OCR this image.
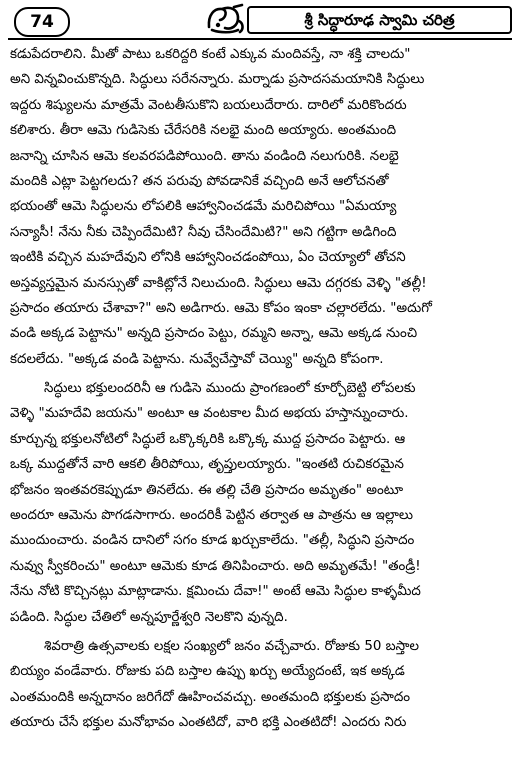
74	శ్రీ సిద్ధారూఢ స్వామి చరిత్ర
కడుపేదరాలిని. మీతో పాటు ఒకరిద్దరి కంటే ఎక్కువ మందివస్తే, నా శక్తి చాలదు"
అని విన్నవించుకొన్నది. సిద్ధులు సరేనన్నారు. మర్నాడు ప్రసాదసమయానికి సిద్ధులు
ఇద్దరు శిష్యులను మాత్రమే వెంటతీసుకొని బయలుదేరారు. దారిలో మరికొందరు
కలిశారు. తీరా ఆమె గుడిసెకు చేరేసరికి నలభై మంది అయ్యారు. అంతమంది
జనాన్ని చూసిన ఆమె కలవరపడిపోయింది. తాను వండింది నలుగురికి. నలభై
మందికి ఎట్లా పెట్టగలదు? తన పరువు పోవడానికే వచ్చింది అనే ఆలోచనతో
భయంతో ఆమె సిద్ధులను లోపలికి ఆహ్వానించడమే మరిచిపోయి "ఏమయ్యా
సన్యాసీ! నేను నీకు చెప్పిందేమిటి? నీవు చేసిందేమిటి?" అని గట్టిగా అడిగింది
ఇంటికి వచ్చిన మహదేవుని లోనికి ఆహ్వానించడంపోయి, ఏం చెయ్యాలో తోచని
అస్తవ్యస్తమైన మనస్సుతో వాకిట్లోనే నిలుచుంది. సిద్ధులు ఆమె దగ్గరకు వెళ్ళి "తల్లీ!
ప్రసాదం తయారు చేశావా?" అని అడిగారు. ఆమె కోపం ఇంకా చల్లారలేదు. "అదుగో
వండి అక్కడ పెట్టాను" అన్నది ప్రసాదం పెట్టు, రమ్మని అన్నా, ఆమె అక్కడ నుంచి
కదలలేదు. "అక్కడ వండి పెట్టాను. నువ్వేచేస్తావో చెయ్యి" అన్నది కోపంగా.
సిద్ధులు భక్తులందరినీ ఆ గుడిసె ముందు ప్రాంగణంలో కూర్చోబెట్టి లోపలకు
వెళ్ళి "మహదేవి జయను" అంటూ ఆ వంటకాల మీద అభయ హస్తాన్నుంచారు.
కూర్చున్న భక్తులనోటిలో సిద్ధులే ఒక్కొక్కరికి ఒక్కొక్క ముద్ద ప్రసాదం పెట్టారు. ఆ
ఒక్క ముద్దతోనే వారి ఆకలి తీరిపోయి, తృప్తులయ్యారు. "ఇంతటి రుచికరమైన
భోజనం ఇంతవరకెప్పుడూ తినలేదు. ఈ తల్లి చేతి ప్రసాదం అమృతం" అంటూ
అందరూ ఆమెను పొగడసాగారు. అందరికీ పెట్టిన తర్వాత ఆ పాత్రను ఆ ఇల్లాలు
ముందుంచారు. వండిన దానిలో సగం కూడ ఖర్చుకాలేదు. "తల్లీ, సిద్ధుని ప్రసాదం
నువ్వు స్వీకరించు" అంటూ ఆమెకు కూడ తినిపించారు. అది అమృతమే! "తండ్రీ!
నేను నోటి కొచ్చినట్లు మాట్లాడాను. క్షమించు దేవా!" అంటే ఆమె సిద్ధుల కాళ్ళమీద
పడింది. సిద్ధుల చేతిలో అన్నపూర్ణేశ్వరి నెలకొని వున్నది.
శివరాత్రి ఉత్సవాలకు లక్షల సంఖ్యలో జనం వచ్చేవారు. రోజుకు 50 బస్తాల
బియ్యం వండేవారు. రోజుకు పది బస్తాల ఉప్పు ఖర్చు అయ్యేదంటే, ఇక అక్కడ
ఎంతమందికి అన్నదానం జరిగేదో ఊహించవచ్చు. అంతమంది భక్తులకు ప్రసాదం
తయారు చేసే భక్తుల మనోభావం ఎంతటిదో, వారి భక్తి ఎంతటిదో! ఎందరు నిరు
